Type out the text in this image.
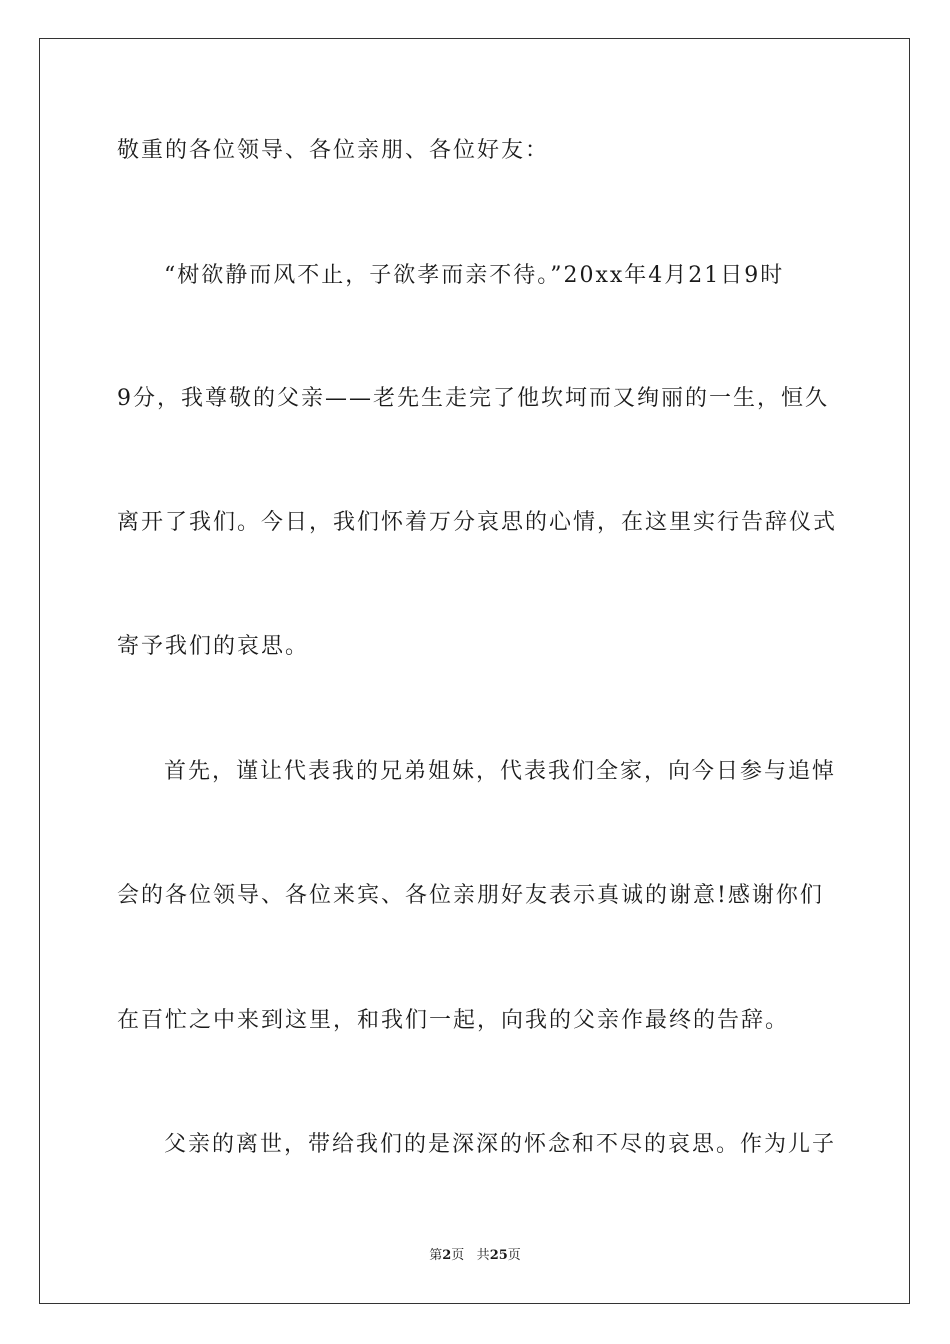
敬重的各位领导、各位亲朋、各位好友：
“树欲静而风不止，子欲孝而亲不待。”20xx年4月21日9时
9分，我尊敬的父亲——老先生走完了他坎坷而又绚丽的一生，恒久
离开了我们。今日，我们怀着万分哀思的心情，在这里实行告辞仪式
寄予我们的哀思。
首先，谨让代表我的兄弟姐妹，代表我们全家，向今日参与追悼
会的各位领导、各位来宾、各位亲朋好友表示真诚的谢意!感谢你们
在百忙之中来到这里，和我们一起，向我的父亲作最终的告辞。
父亲的离世，带给我们的是深深的怀念和不尽的哀思。作为儿子
第2页 共25页
